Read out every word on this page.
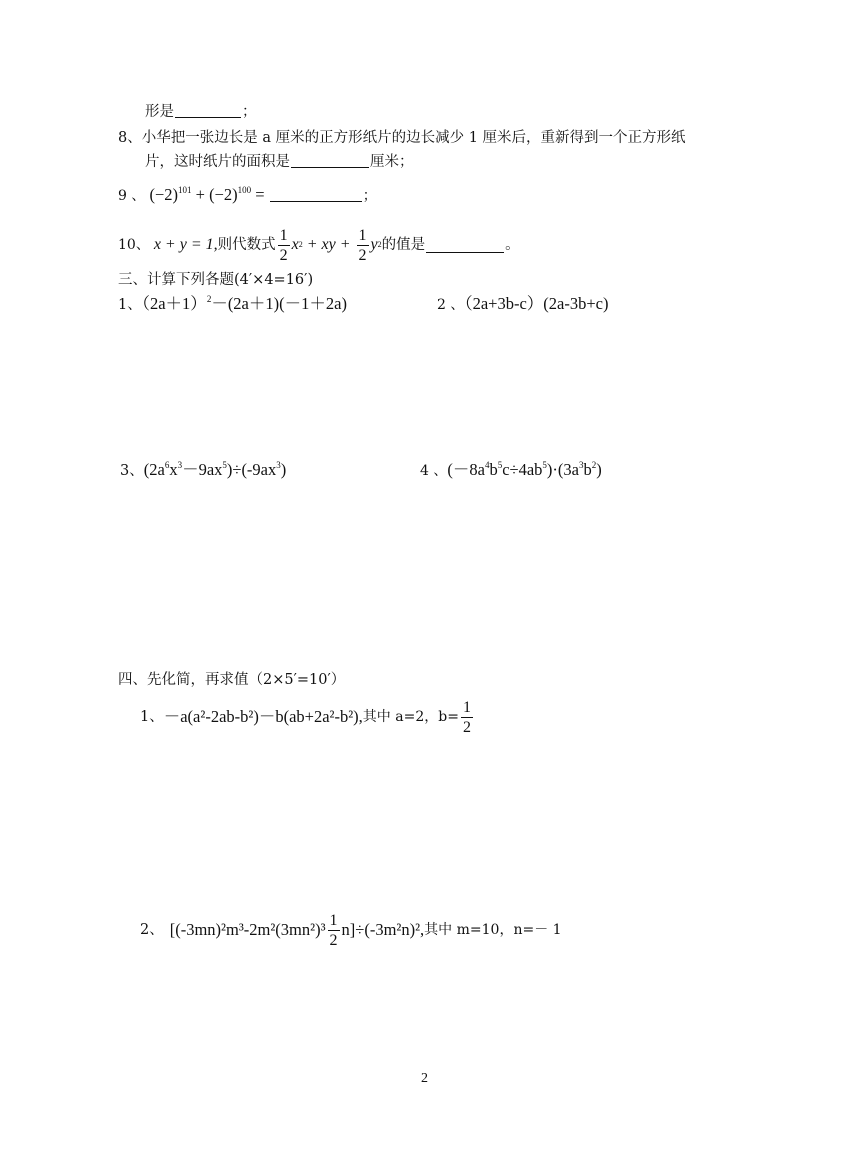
形是	；
8、小华把一张边长是 a 厘米的正方形纸片的边长减少 1 厘米后，重新得到一个正方形纸
片，这时纸片的面积是	厘米；
9 、 $(-2)^{101} + (-2)^{100}$ =	；
10、 x + y = 1, 则代数式 $\frac{1}{2}$ x 2 + xy + $\frac{1}{2}$ y 2 的值是	。
三、计算下列各题(4′×4=16′)
1、$(2a+1)^2-(2a+1)(-1+2a)$	2 、（2a+3b-c）(2a-3b+c)
3、$(2a^6x^3-9ax^5)\div(-9ax^3)$	4 、$(-8a^4b^5c\div 4ab^5)\cdot(3a^3b^2)$
四、先化简，再求值（2×5′=10′）
1、 －a(a²-2ab-b²)－b(ab+2a²-b²), 其中 a=2，$b= \frac{1}{2}$
2、 $[(-3mn)^2m^3-2m^2(3mn^2)^3 \frac{1}{2} n]\div(-3m^2n)^2$, 其中 m=10，n=－ 1
2
